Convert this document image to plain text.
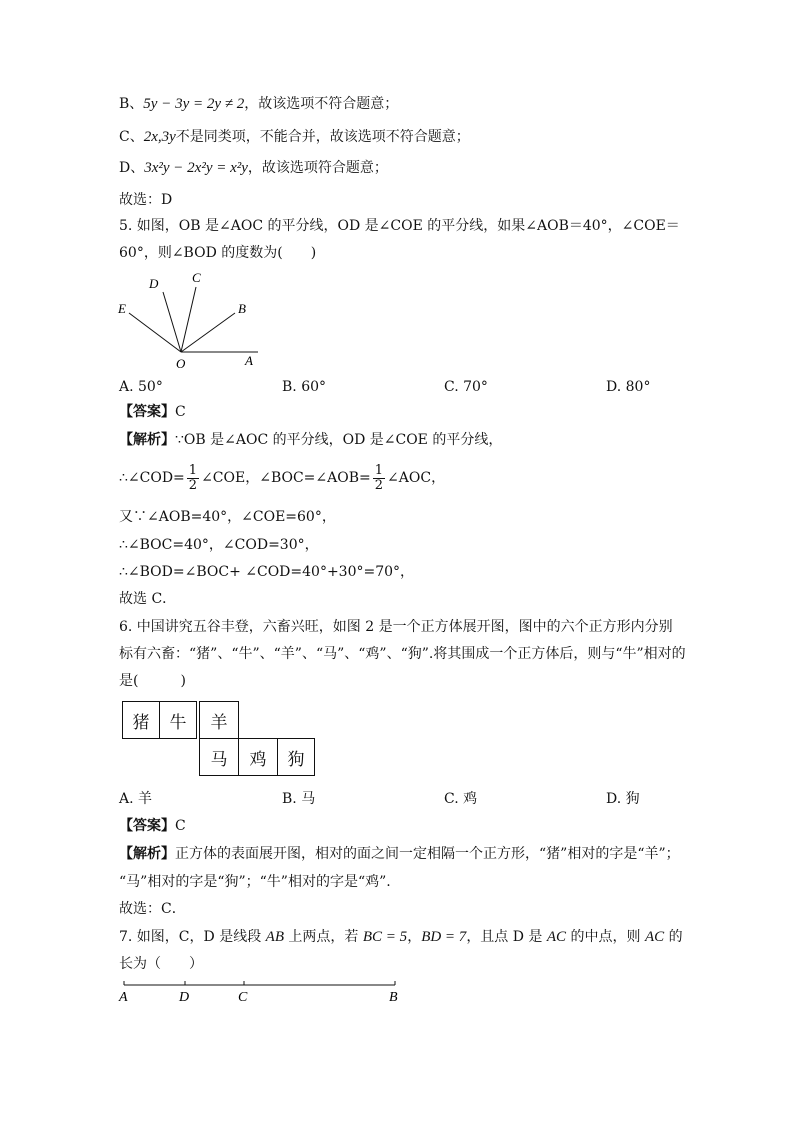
B、5y − 3y = 2y ≠ 2，故该选项不符合题意；
C、2x,3y不是同类项，不能合并，故该选项不符合题意；
D、3x²y − 2x²y = x²y，故该选项符合题意；
故选：D
5. 如图，OB 是∠AOC 的平分线，OD 是∠COE 的平分线，如果∠AOB＝40°，∠COE＝
60°，则∠BOD 的度数为(　　)
D	C
E	B
O	A
A. 50°	B. 60°	C. 70°	D. 80°
【答案】C
【解析】∵OB 是∠AOC 的平分线，OD 是∠COE 的平分线，
∴∠COD= $\frac{1}{2}$ ∠COE，∠BOC=∠AOB= $\frac{1}{2}$ ∠AOC，
又∵∠AOB=40°，∠COE=60°，
∴∠BOC=40°，∠COD=30°，
∴∠BOD=∠BOC+ ∠COD=40°+30°=70°，
故选 C．
6. 中国讲究五谷丰登，六畜兴旺，如图 2 是一个正方体展开图，图中的六个正方形内分别
标有六畜：“猪”、“牛”、“羊”、“马”、“鸡”、“狗”.将其围成一个正方体后，则与“牛”相对的
是(　　　)
猪	牛	羊
马	鸡	狗
A. 羊	B. 马	C. 鸡	D. 狗
【答案】C
【解析】正方体的表面展开图，相对的面之间一定相隔一个正方形，“猪”相对的字是“羊”；
“马”相对的字是“狗”；“牛”相对的字是“鸡”.
故选：C．
7. 如图，C，D 是线段 AB 上两点，若 BC = 5，BD = 7，且点 D 是 AC 的中点，则 AC 的
长为（　　）
A	D	C	B
